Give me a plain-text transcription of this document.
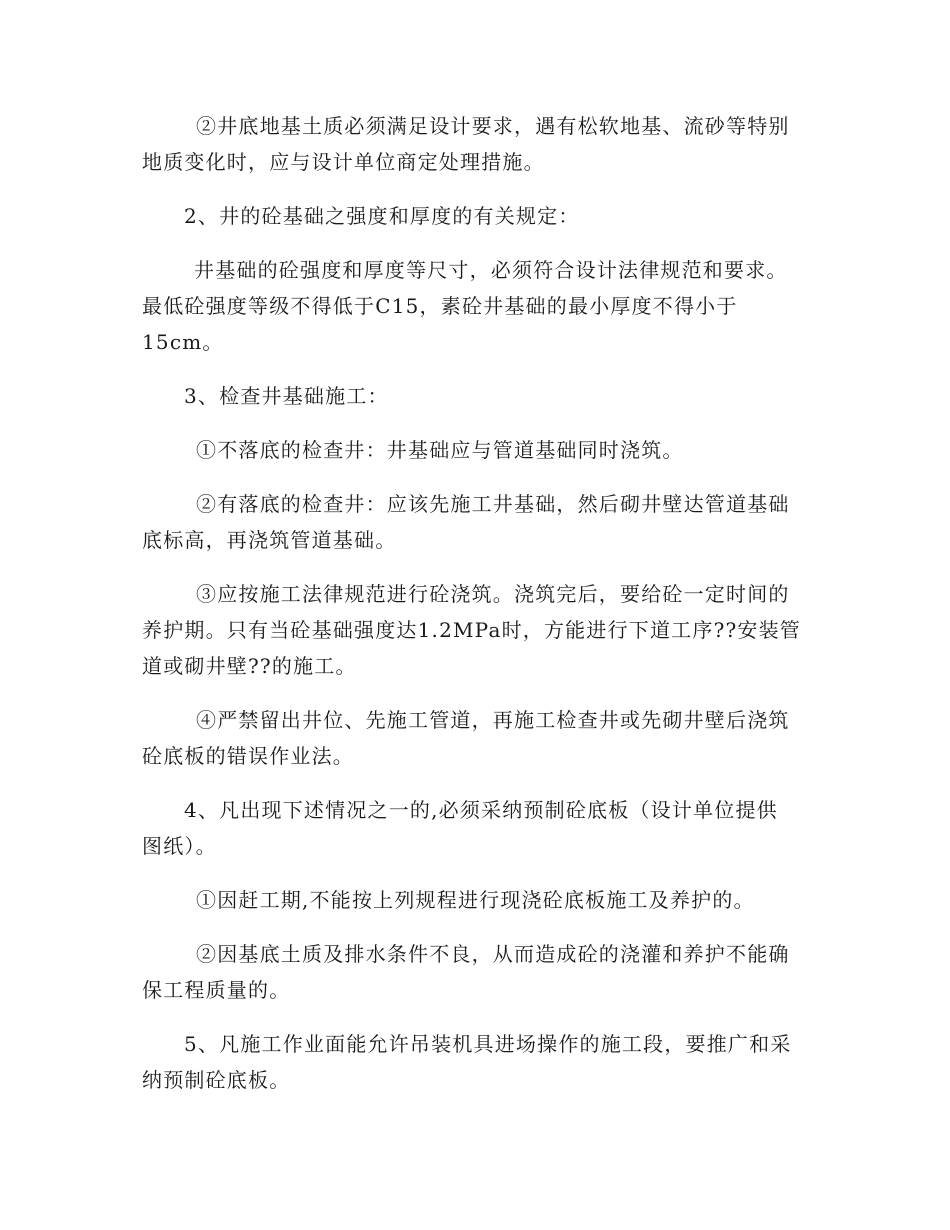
②井底地基土质必须满足设计要求，遇有松软地基、流砂等特别
地质变化时，应与设计单位商定处理措施。

2、井的砼基础之强度和厚度的有关规定：

井基础的砼强度和厚度等尺寸，必须符合设计法律规范和要求。
最低砼强度等级不得低于C15，素砼井基础的最小厚度不得小于
15cm。

3、检查井基础施工：

①不落底的检查井：井基础应与管道基础同时浇筑。

②有落底的检查井：应该先施工井基础，然后砌井壁达管道基础
底标高，再浇筑管道基础。

③应按施工法律规范进行砼浇筑。浇筑完后，要给砼一定时间的
养护期。只有当砼基础强度达1.2MPa时，方能进行下道工序??安装管
道或砌井壁??的施工。

④严禁留出井位、先施工管道，再施工检查井或先砌井壁后浇筑
砼底板的错误作业法。

4、凡出现下述情况之一的,必须采纳预制砼底板（设计单位提供
图纸）。

①因赶工期,不能按上列规程进行现浇砼底板施工及养护的。

②因基底土质及排水条件不良，从而造成砼的浇灌和养护不能确
保工程质量的。

5、凡施工作业面能允许吊装机具进场操作的施工段，要推广和采
纳预制砼底板。
